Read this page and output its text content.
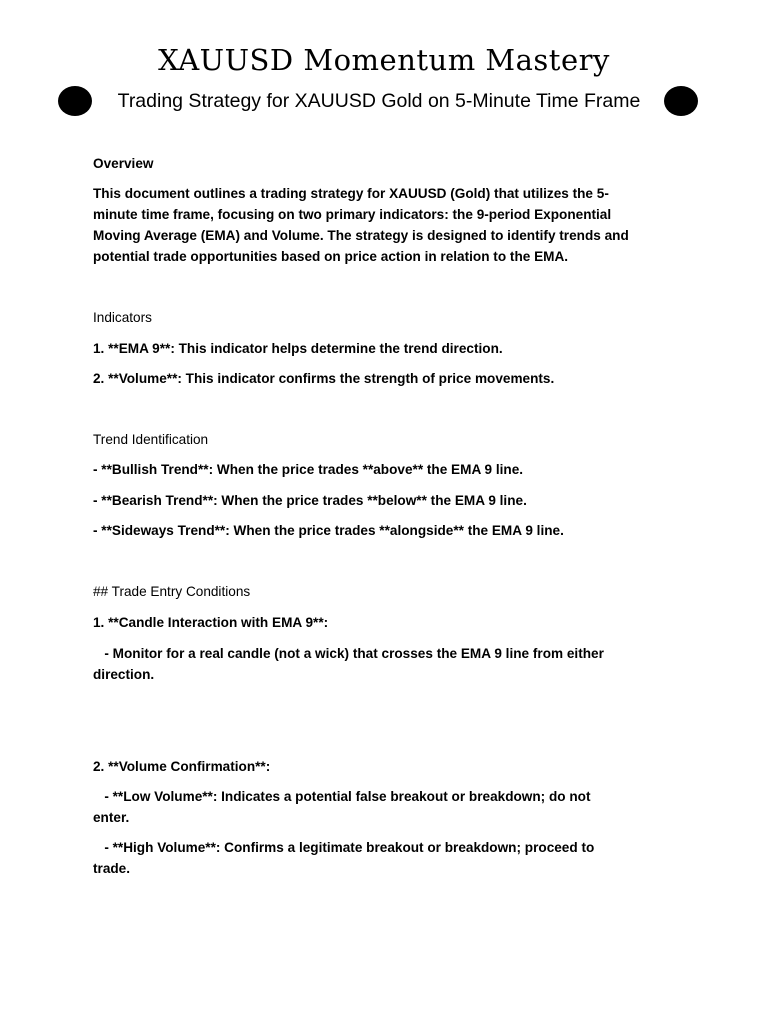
XAUUSD Momentum Mastery
Trading Strategy for XAUUSD Gold on 5-Minute Time Frame

Overview

This document outlines a trading strategy for XAUUSD (Gold) that utilizes the 5-

minute time frame, focusing on two primary indicators: the 9-period Exponential

Moving Average (EMA) and Volume. The strategy is designed to identify trends and

potential trade opportunities based on price action in relation to the EMA.

Indicators

1. **EMA 9**: This indicator helps determine the trend direction.

2. **Volume**: This indicator confirms the strength of price movements.

Trend Identification

- **Bullish Trend**: When the price trades **above** the EMA 9 line.

- **Bearish Trend**: When the price trades **below** the EMA 9 line.

- **Sideways Trend**: When the price trades **alongside** the EMA 9 line.

## Trade Entry Conditions

1. **Candle Interaction with EMA 9**:

- Monitor for a real candle (not a wick) that crosses the EMA 9 line from either

direction.

2. **Volume Confirmation**:

- **Low Volume**: Indicates a potential false breakout or breakdown; do not

enter.

- **High Volume**: Confirms a legitimate breakout or breakdown; proceed to

trade.
